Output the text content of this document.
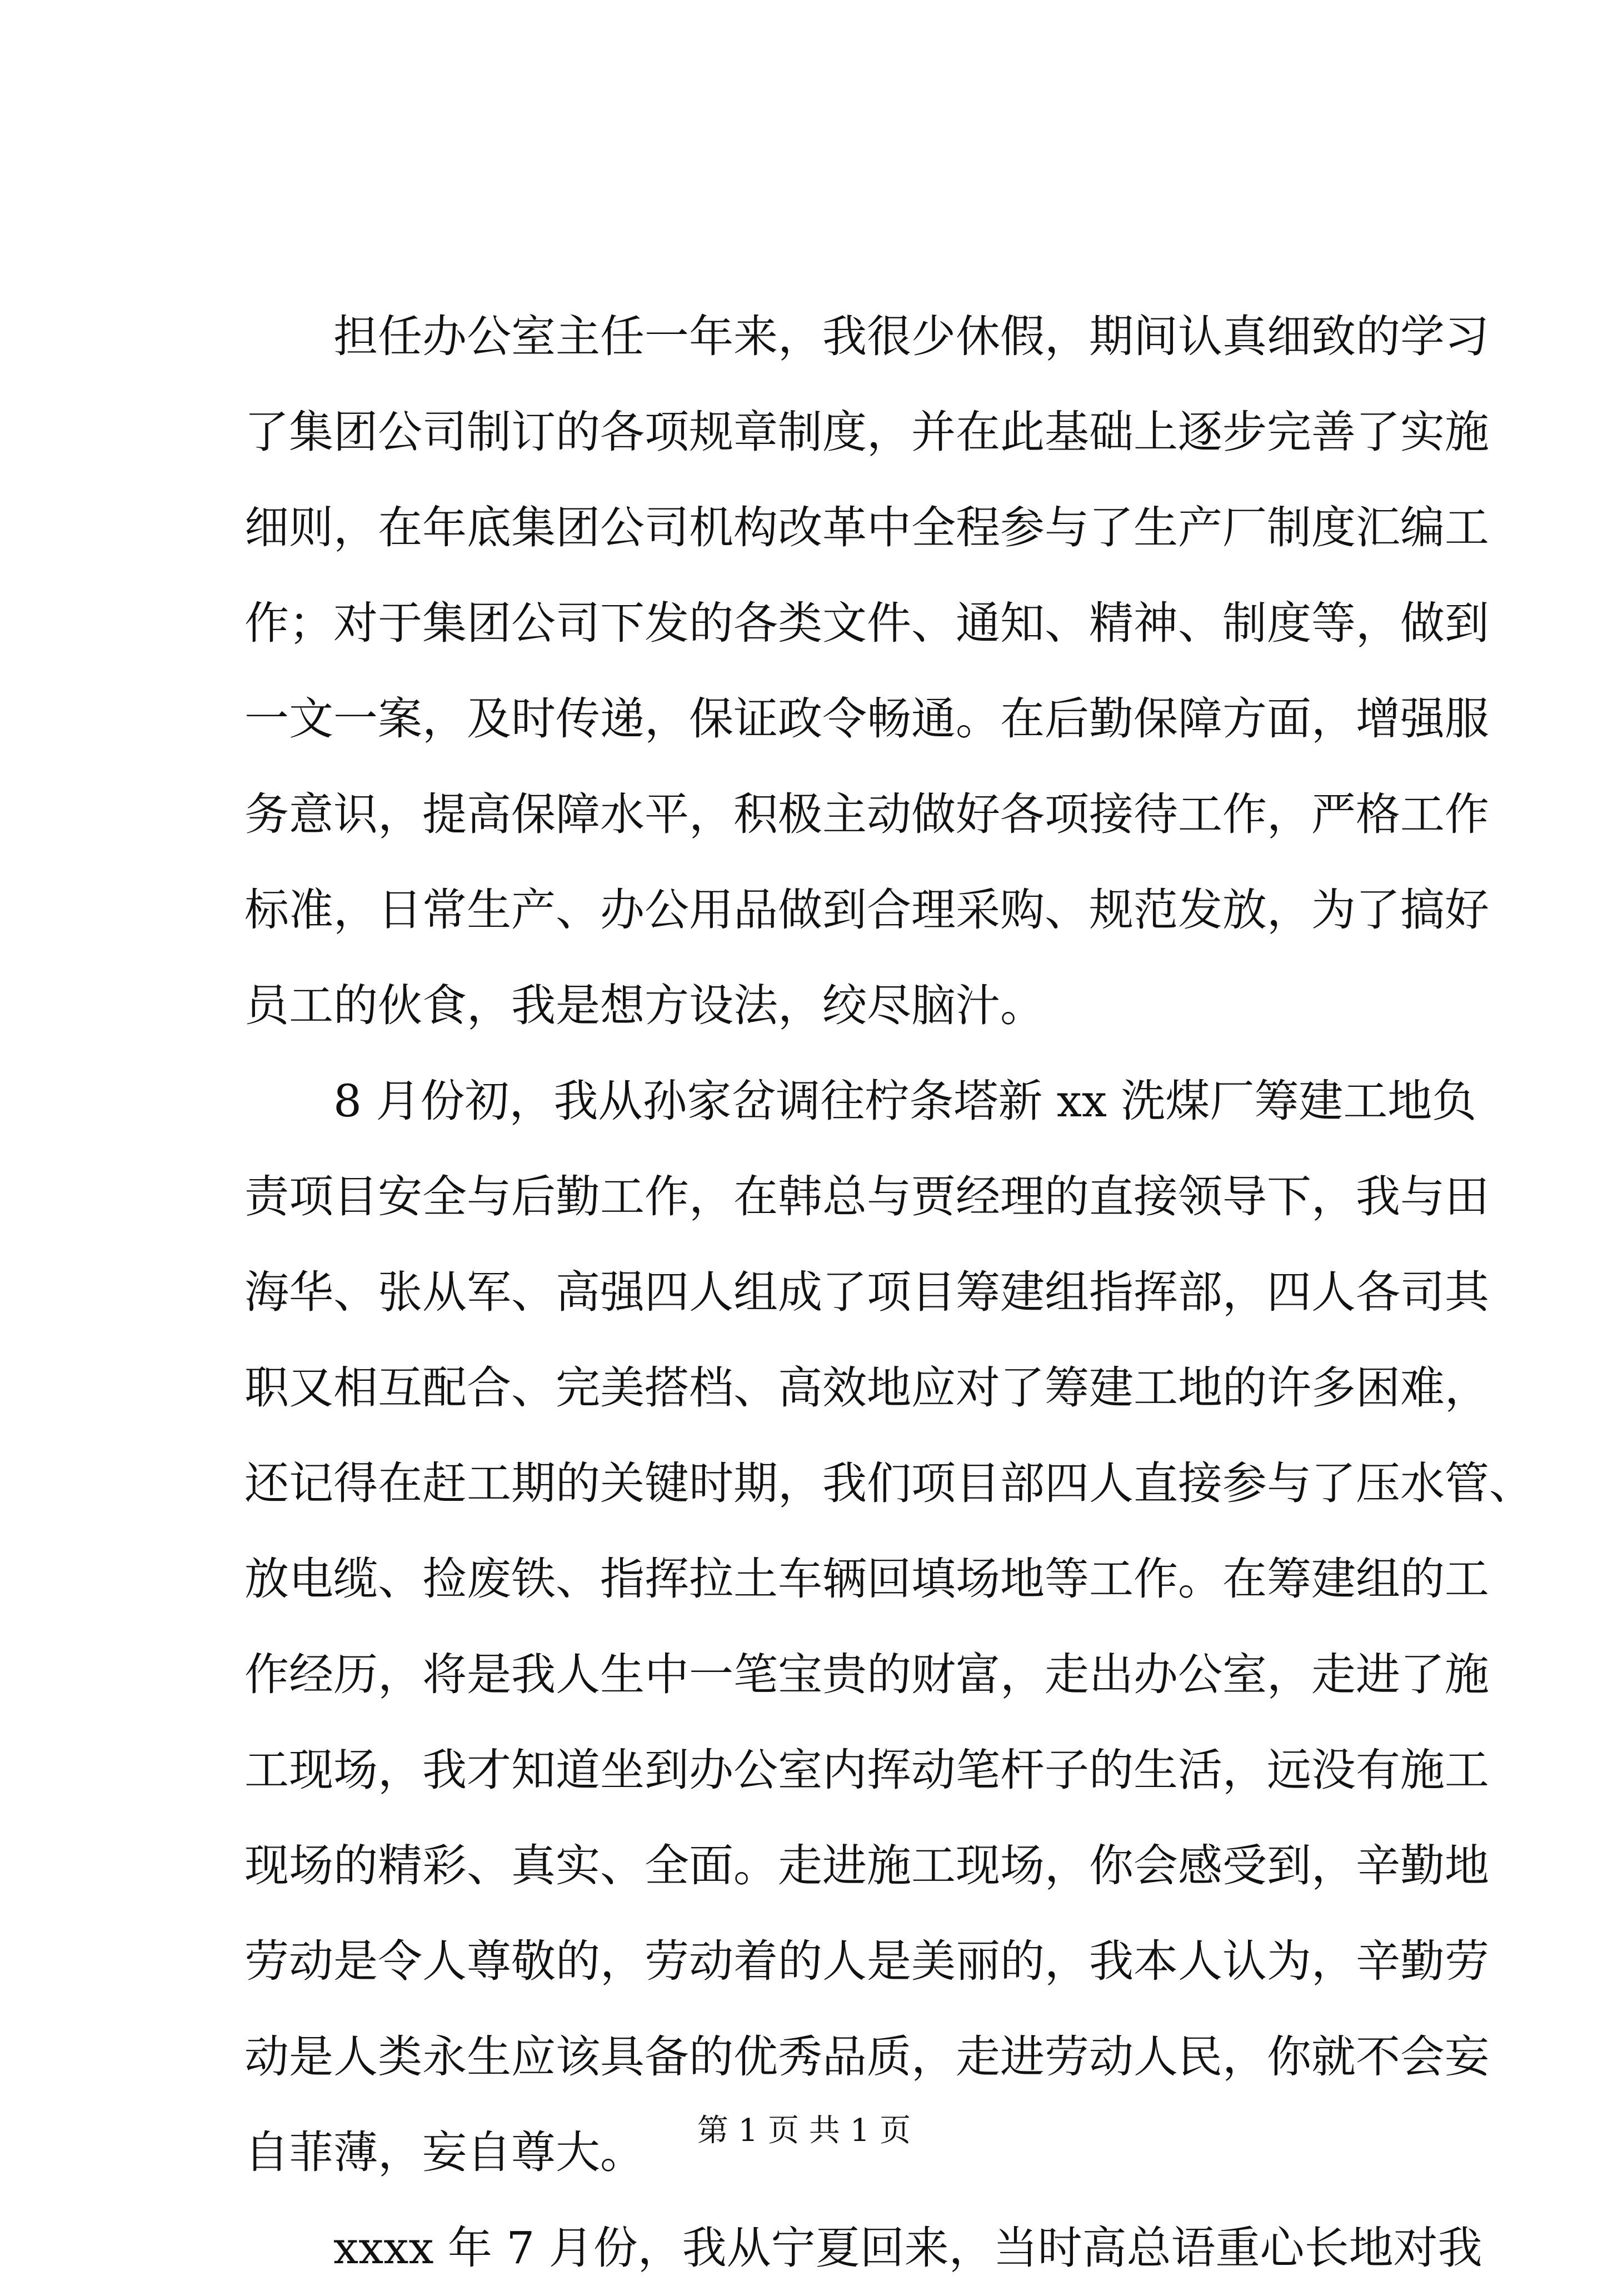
担任办公室主任一年来，我很少休假，期间认真细致的学习
了集团公司制订的各项规章制度，并在此基础上逐步完善了实施
细则，在年底集团公司机构改革中全程参与了生产厂制度汇编工
作；对于集团公司下发的各类文件、通知、精神、制度等，做到
一文一案，及时传递，保证政令畅通。在后勤保障方面，增强服
务意识，提高保障水平，积极主动做好各项接待工作，严格工作
标准，日常生产、办公用品做到合理采购、规范发放，为了搞好
员工的伙食，我是想方设法，绞尽脑汁。
8 月份初，我从孙家岔调往柠条塔新 xx 洗煤厂筹建工地负
责项目安全与后勤工作，在韩总与贾经理的直接领导下，我与田
海华、张从军、高强四人组成了项目筹建组指挥部，四人各司其
职又相互配合、完美搭档、高效地应对了筹建工地的许多困难，
还记得在赶工期的关键时期，我们项目部四人直接参与了压水管、
放电缆、捡废铁、指挥拉土车辆回填场地等工作。在筹建组的工
作经历，将是我人生中一笔宝贵的财富，走出办公室，走进了施
工现场，我才知道坐到办公室内挥动笔杆子的生活，远没有施工
现场的精彩、真实、全面。走进施工现场，你会感受到，辛勤地
劳动是令人尊敬的，劳动着的人是美丽的，我本人认为，辛勤劳
动是人类永生应该具备的优秀品质，走进劳动人民，你就不会妄
自菲薄，妄自尊大。
xxxx 年 7 月份，我从宁夏回来，当时高总语重心长地对我
第 1 页 共 1 页
